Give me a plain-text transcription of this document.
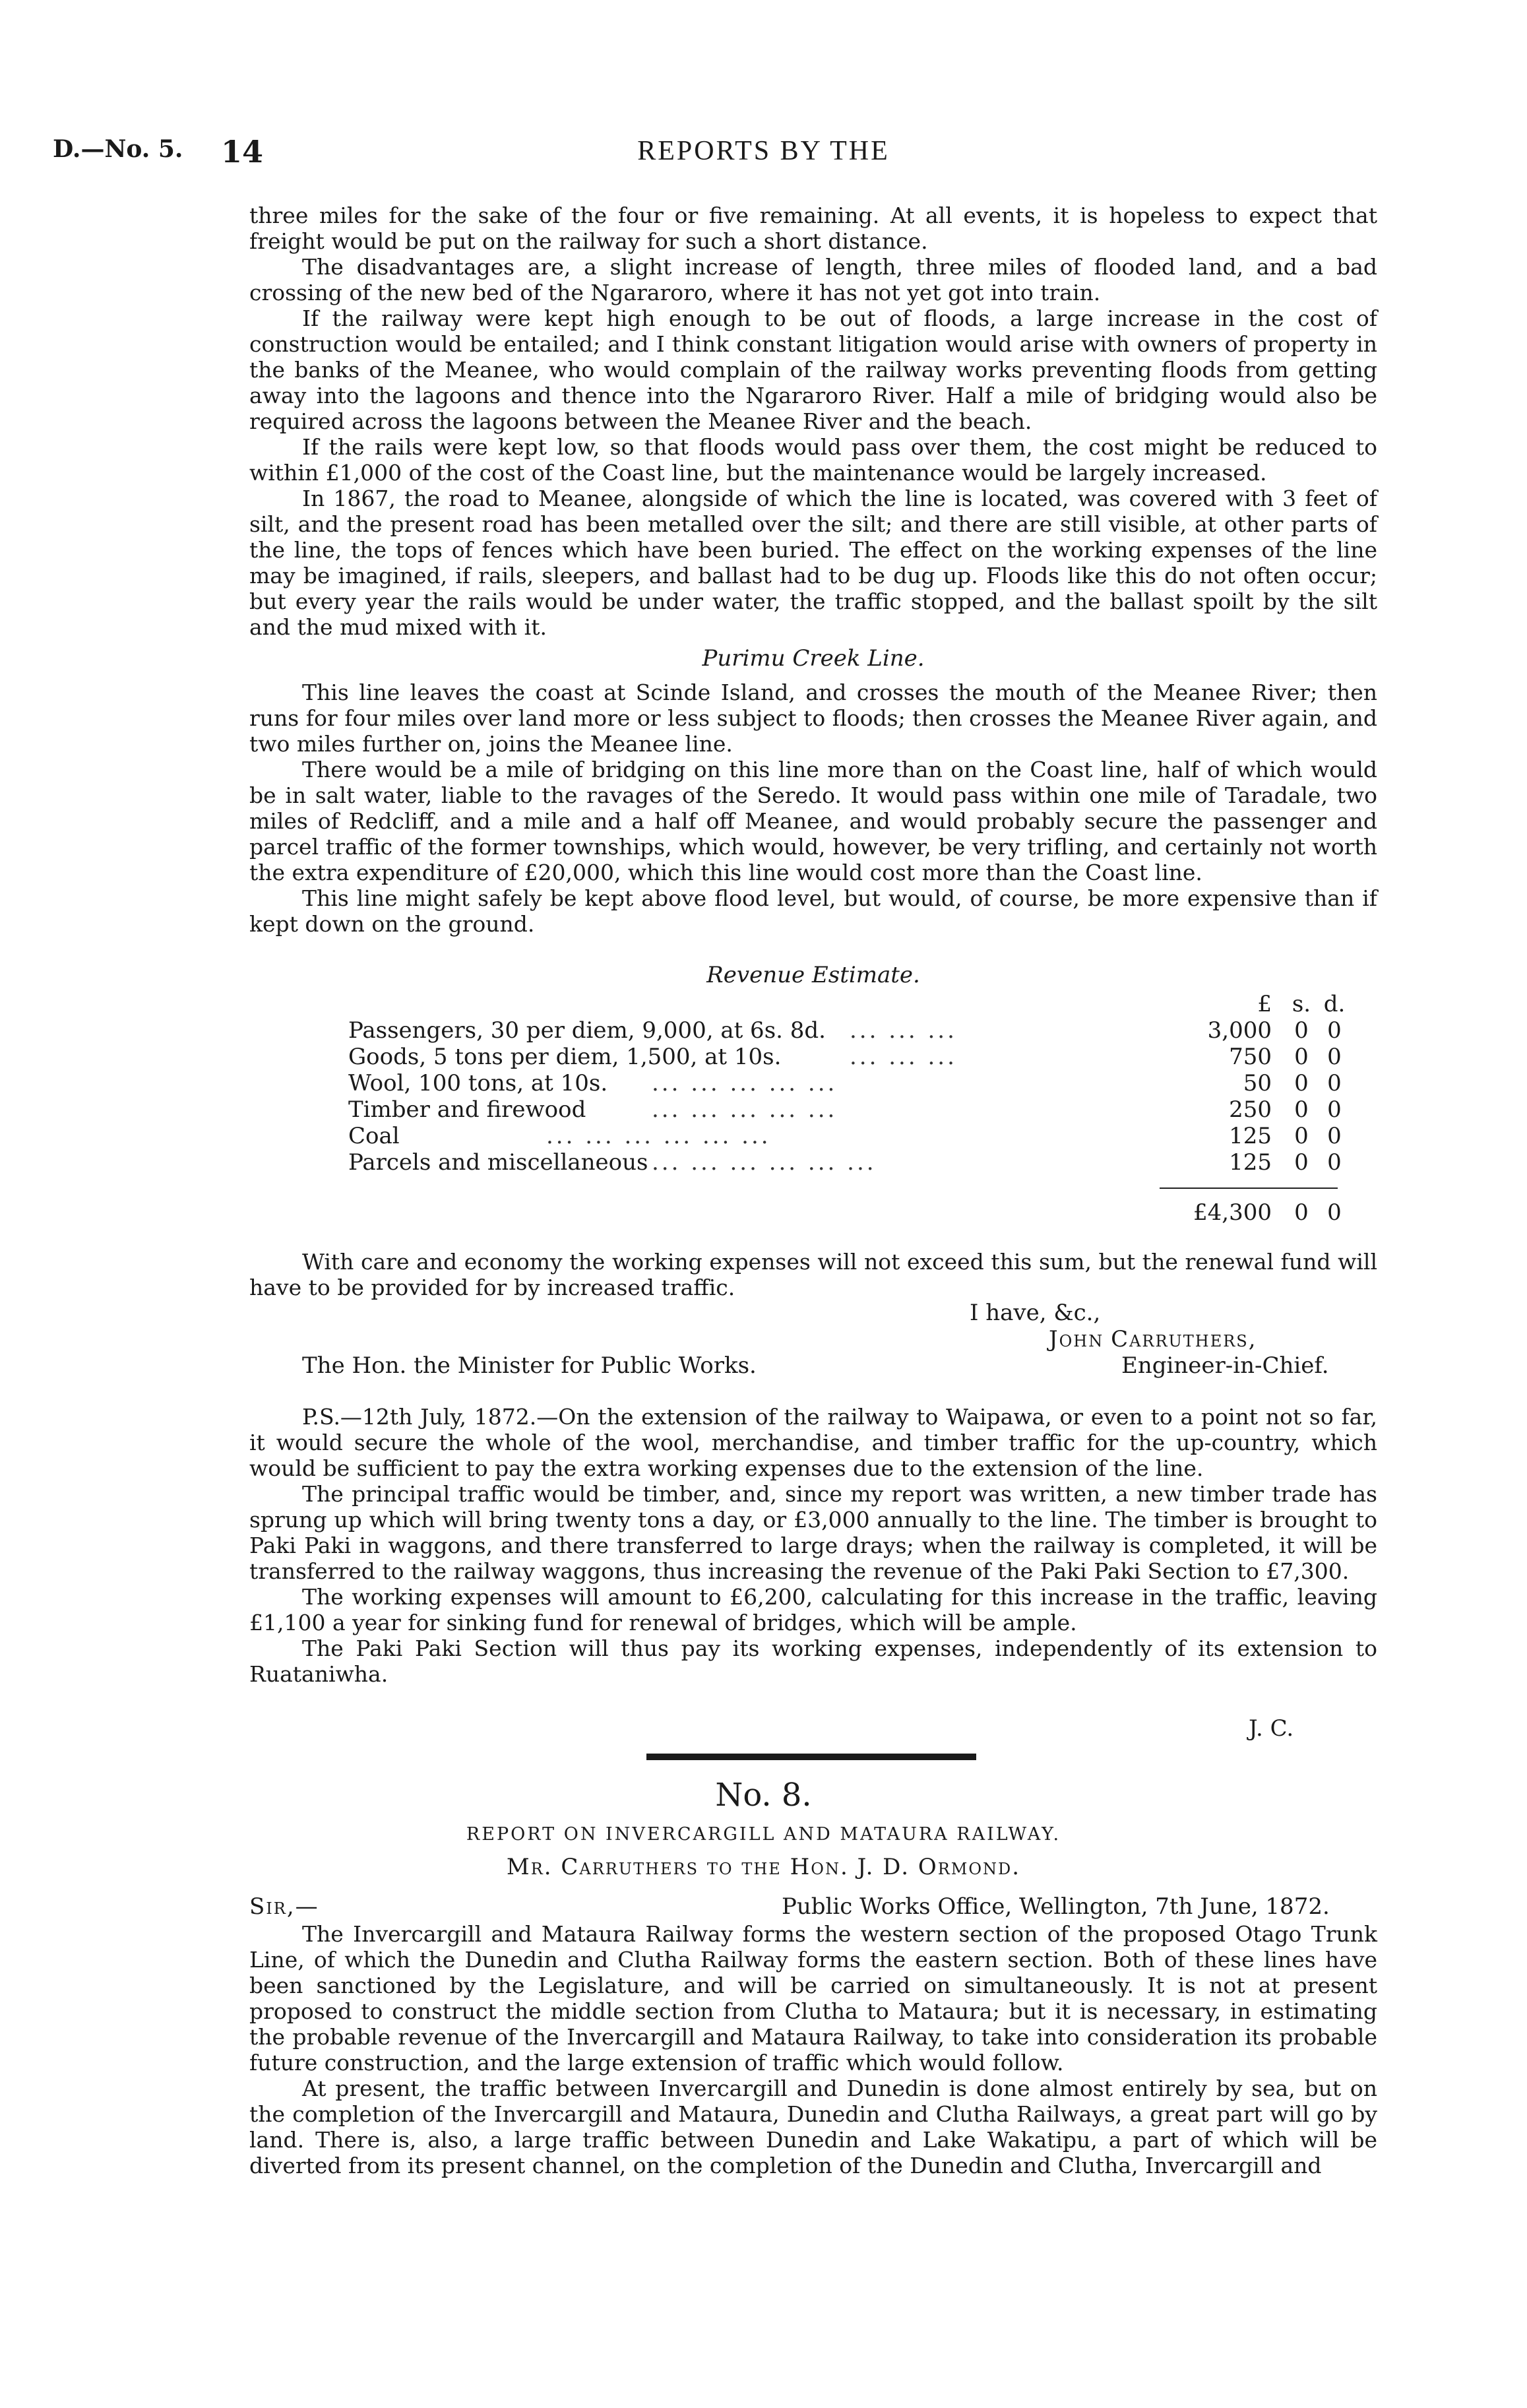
D.—No. 5. 14	REPORTS BY THE

three miles for the sake of the four or five remaining. At all events, it is hopeless to expect that freight would be put on the railway for such a short distance.

The disadvantages are, a slight increase of length, three miles of flooded land, and a bad crossing of the new bed of the Ngararoro, where it has not yet got into train.

If the railway were kept high enough to be out of floods, a large increase in the cost of construction would be entailed; and I think constant litigation would arise with owners of property in the banks of the Meanee, who would complain of the railway works preventing floods from getting away into the lagoons and thence into the Ngararoro River. Half a mile of bridging would also be required across the lagoons between the Meanee River and the beach.

If the rails were kept low, so that floods would pass over them, the cost might be reduced to within £1,000 of the cost of the Coast line, but the maintenance would be largely increased.

In 1867, the road to Meanee, alongside of which the line is located, was covered with 3 feet of silt, and the present road has been metalled over the silt; and there are still visible, at other parts of the line, the tops of fences which have been buried. The effect on the working expenses of the line may be imagined, if rails, sleepers, and ballast had to be dug up. Floods like this do not often occur; but every year the rails would be under water, the traffic stopped, and the ballast spoilt by the silt and the mud mixed with it.

Purimu Creek Line.

This line leaves the coast at Scinde Island, and crosses the mouth of the Meanee River; then runs for four miles over land more or less subject to floods; then crosses the Meanee River again, and two miles further on, joins the Meanee line.

There would be a mile of bridging on this line more than on the Coast line, half of which would be in salt water, liable to the ravages of the Seredo. It would pass within one mile of Taradale, two miles of Redcliff, and a mile and a half off Meanee, and would probably secure the passenger and parcel traffic of the former townships, which would, however, be very trifling, and certainly not worth the extra expenditure of £20,000, which this line would cost more than the Coast line.

This line might safely be kept above flood level, but would, of course, be more expensive than if kept down on the ground.

Revenue Estimate.
£ s. d.
Passengers, 30 per diem, 9,000, at 6s. 8d. ... ... ...	3,000 0 0
Goods, 5 tons per diem, 1,500, at 10s.	... ... ...	750 0 0
Wool, 100 tons, at 10s. ... ... ... ... ...	50 0 0
Timber and firewood	... ... ... ... ...	250 0 0
Coal	... ... ... ... ... ...	125 0 0
Parcels and miscellaneous ... ... ... ... ... ...	125 0 0
£4,300 0 0

With care and economy the working expenses will not exceed this sum, but the renewal fund will have to be provided for by increased traffic.

I have, &c.,
John Carruthers,
The Hon. the Minister for Public Works.	Engineer-in-Chief.

P.S.—12th July, 1872.—On the extension of the railway to Waipawa, or even to a point not so far, it would secure the whole of the wool, merchandise, and timber traffic for the up-country, which would be sufficient to pay the extra working expenses due to the extension of the line.

The principal traffic would be timber, and, since my report was written, a new timber trade has sprung up which will bring twenty tons a day, or £3,000 annually to the line. The timber is brought to Paki Paki in waggons, and there transferred to large drays; when the railway is completed, it will be transferred to the railway waggons, thus increasing the revenue of the Paki Paki Section to £7,300.

The working expenses will amount to £6,200, calculating for this increase in the traffic, leaving £1,100 a year for sinking fund for renewal of bridges, which will be ample.

The Paki Paki Section will thus pay its working expenses, independently of its extension to Ruataniwha.

J. C.
No. 8.
REPORT ON INVERCARGILL AND MATAURA RAILWAY.
Mr. Carruthers to the Hon. J. D. Ormond.
Sir,—	Public Works Office, Wellington, 7th June, 1872.

The Invercargill and Mataura Railway forms the western section of the proposed Otago Trunk Line, of which the Dunedin and Clutha Railway forms the eastern section. Both of these lines have been sanctioned by the Legislature, and will be carried on simultaneously. It is not at present proposed to construct the middle section from Clutha to Mataura; but it is necessary, in estimating the probable revenue of the Invercargill and Mataura Railway, to take into consideration its probable future construction, and the large extension of traffic which would follow.

At present, the traffic between Invercargill and Dunedin is done almost entirely by sea, but on the completion of the Invercargill and Mataura, Dunedin and Clutha Railways, a great part will go by land. There is, also, a large traffic between Dunedin and Lake Wakatipu, a part of which will be diverted from its present channel, on the completion of the Dunedin and Clutha, Invercargill and
